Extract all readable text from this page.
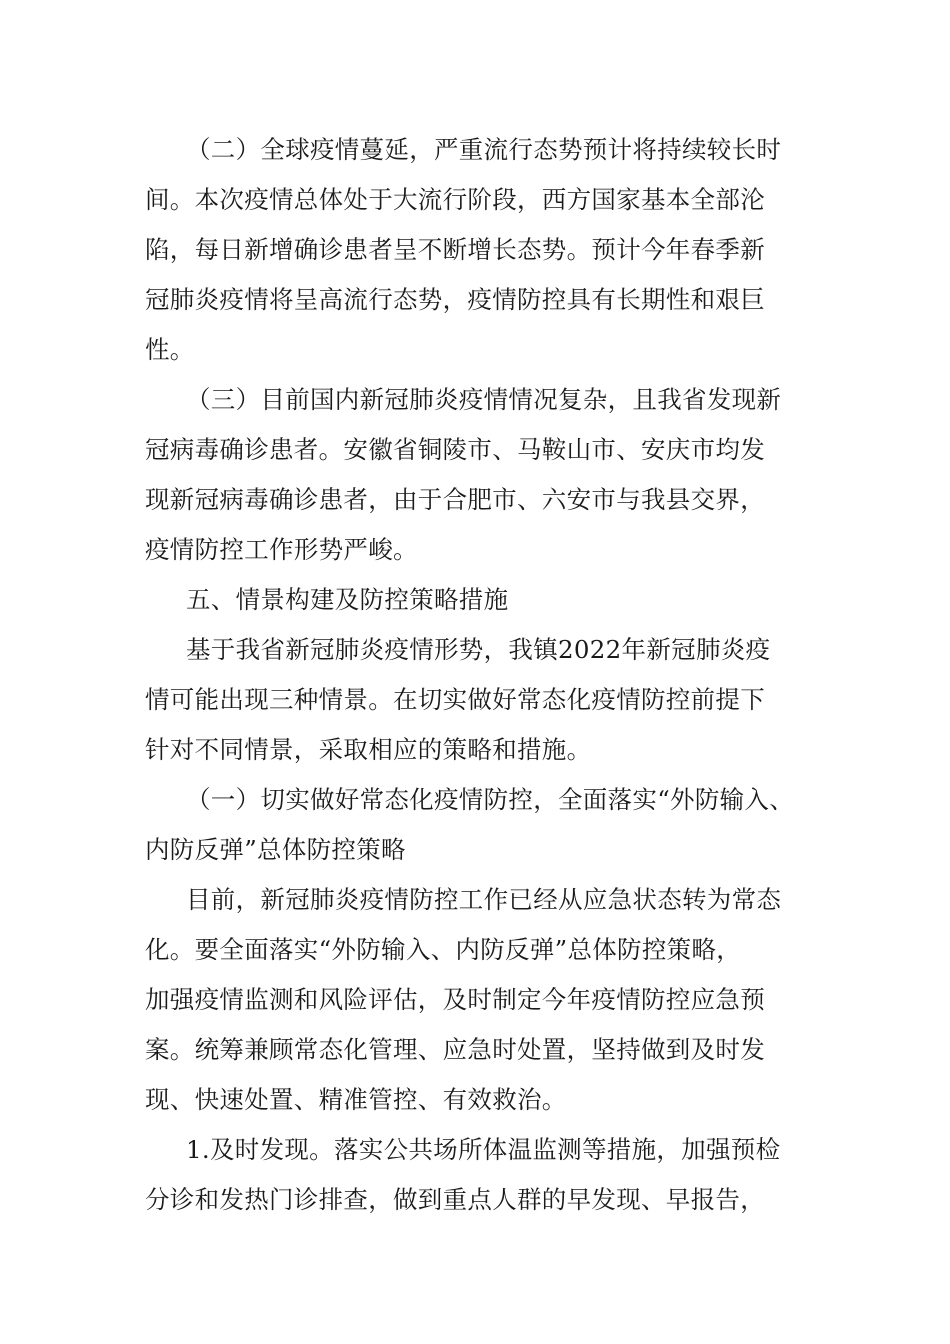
（二）全球疫情蔓延，严重流行态势预计将持续较长时
间。本次疫情总体处于大流行阶段，西方国家基本全部沦
陷，每日新增确诊患者呈不断增长态势。预计今年春季新
冠肺炎疫情将呈高流行态势，疫情防控具有长期性和艰巨
性。
（三）目前国内新冠肺炎疫情情况复杂，且我省发现新
冠病毒确诊患者。安徽省铜陵市、马鞍山市、安庆市均发
现新冠病毒确诊患者，由于合肥市、六安市与我县交界，
疫情防控工作形势严峻。
五、情景构建及防控策略措施
基于我省新冠肺炎疫情形势，我镇2022年新冠肺炎疫
情可能出现三种情景。在切实做好常态化疫情防控前提下
针对不同情景，采取相应的策略和措施。
（一）切实做好常态化疫情防控，全面落实“外防输入、
内防反弹”总体防控策略
目前，新冠肺炎疫情防控工作已经从应急状态转为常态
化。要全面落实“外防输入、内防反弹”总体防控策略，
加强疫情监测和风险评估，及时制定今年疫情防控应急预
案。统筹兼顾常态化管理、应急时处置，坚持做到及时发
现、快速处置、精准管控、有效救治。
1.及时发现。落实公共场所体温监测等措施，加强预检
分诊和发热门诊排查，做到重点人群的早发现、早报告，
